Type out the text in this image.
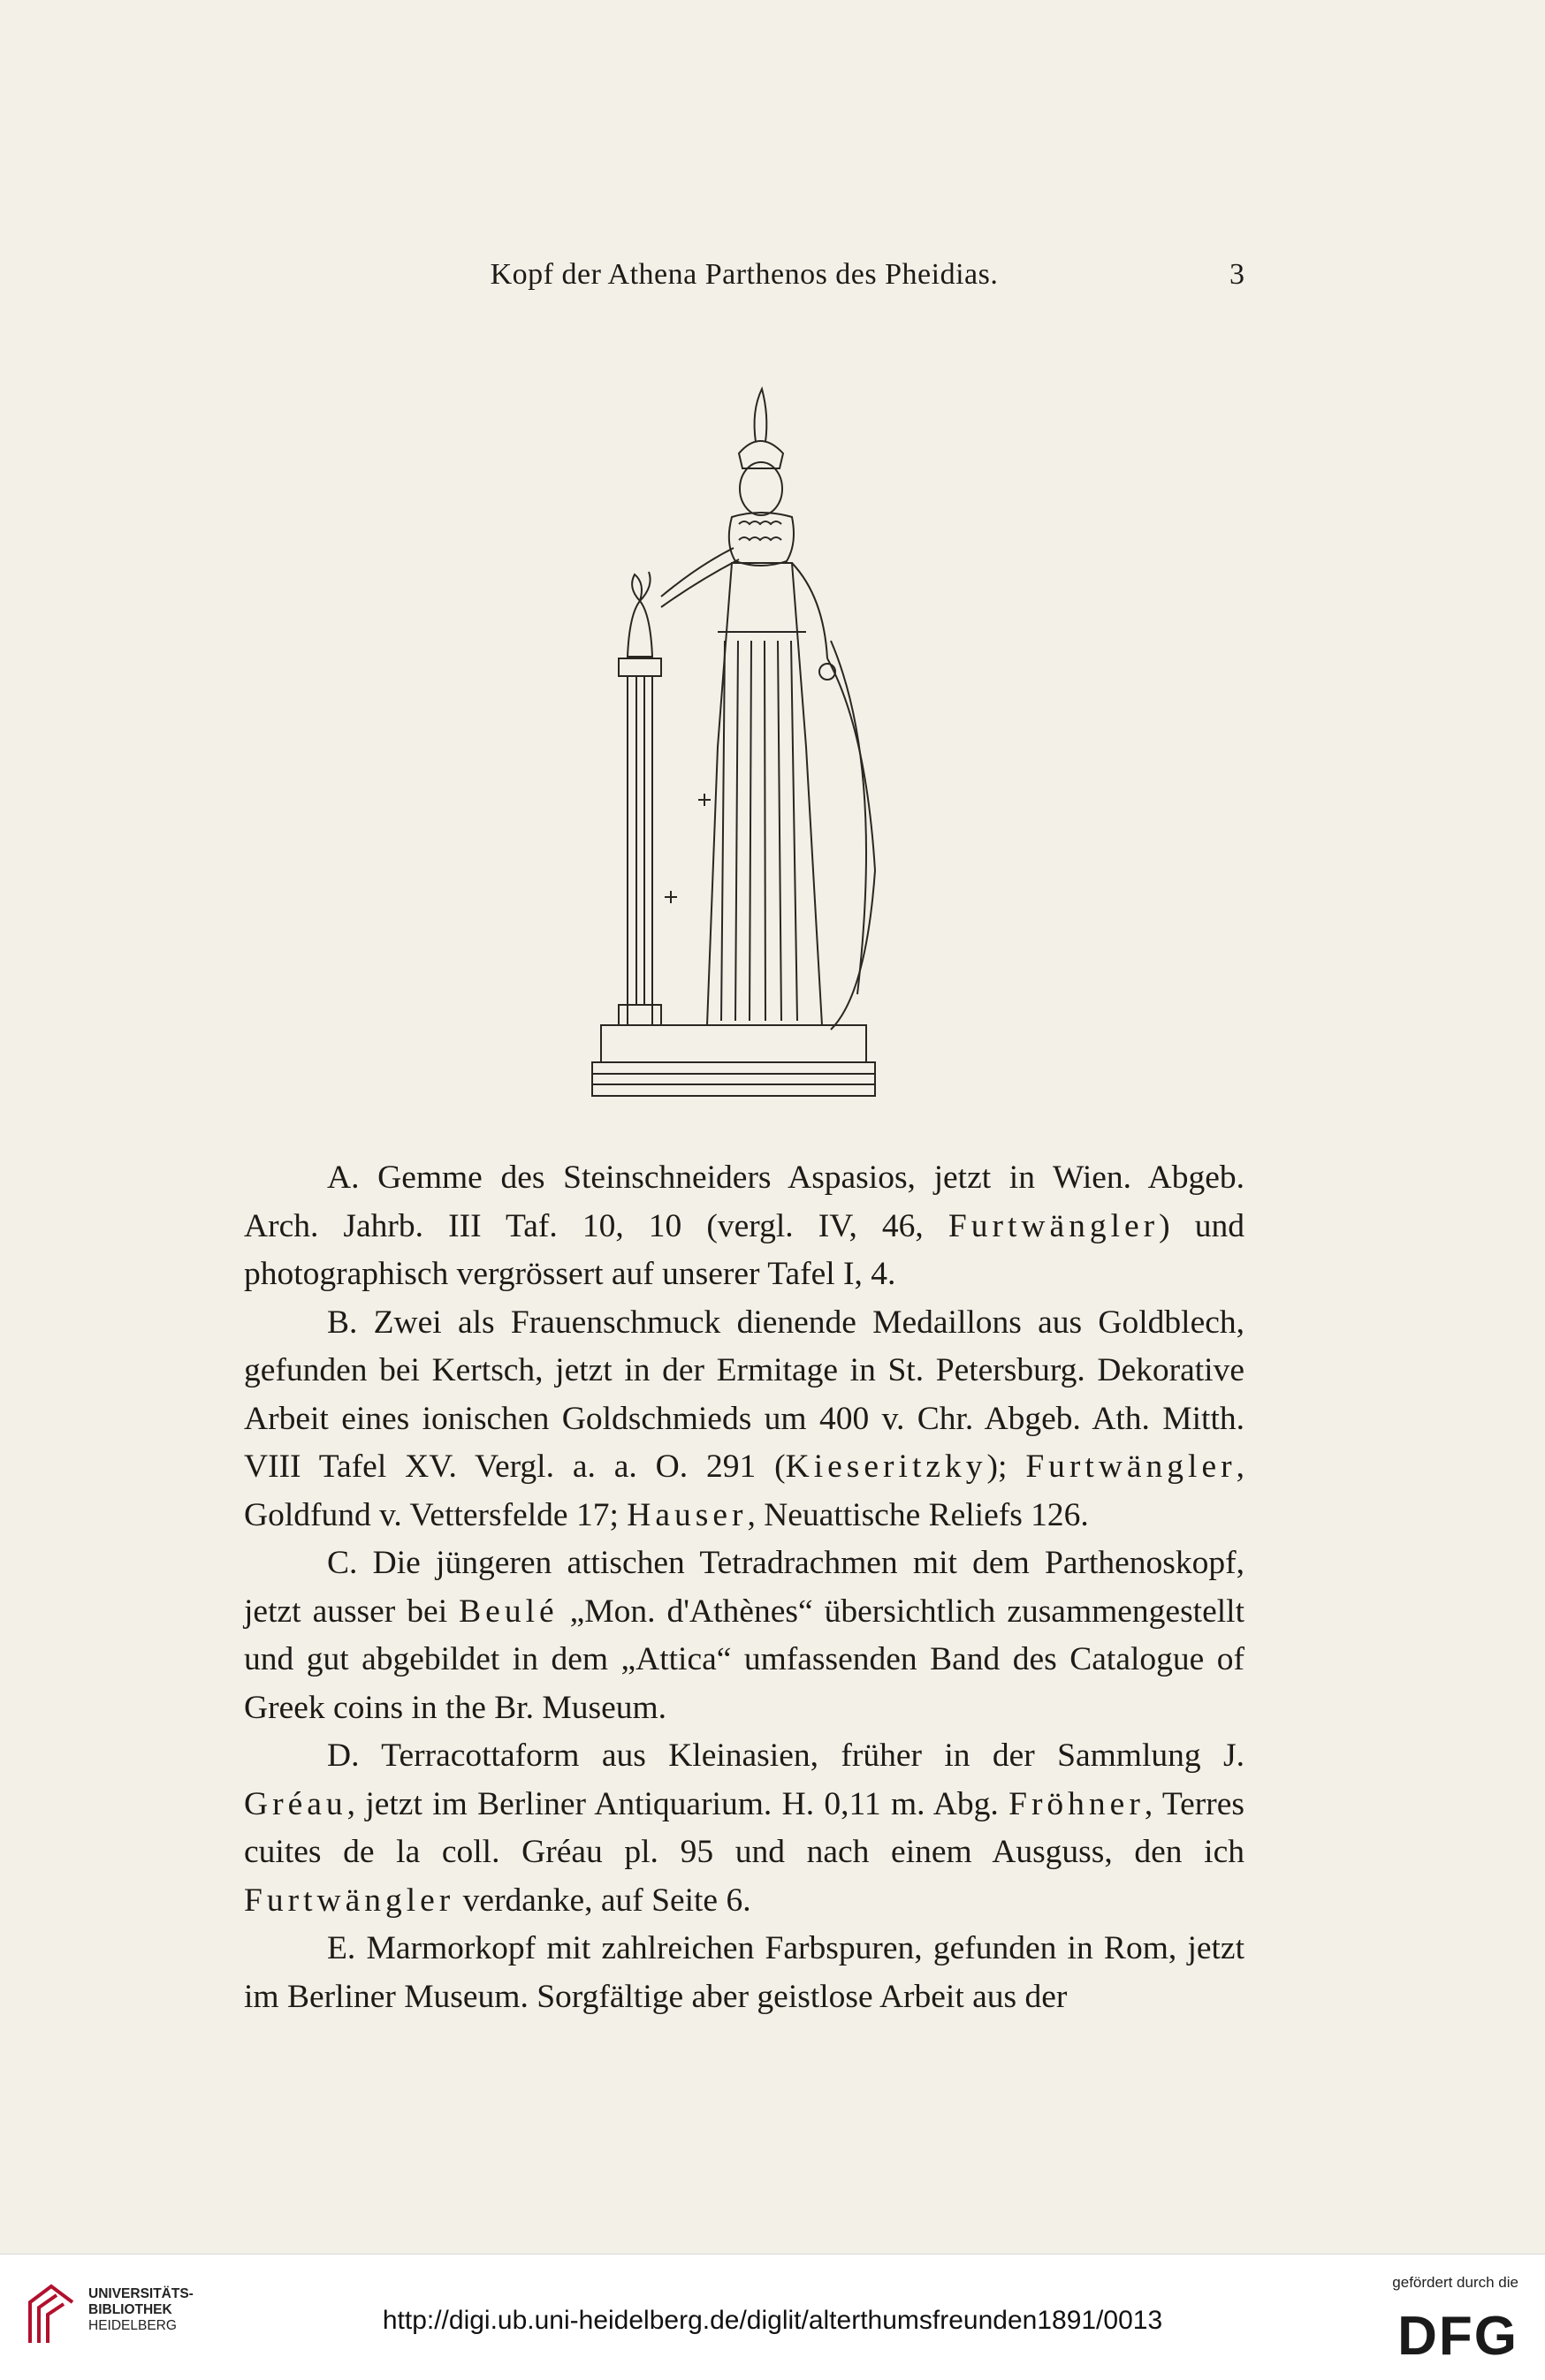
Kopf der Athena Parthenos des Pheidias.	3

A. Gemme des Steinschneiders Aspasios, jetzt in Wien. Abgeb. Arch. Jahrb. III Taf. 10, 10 (vergl. IV, 46, Furtwängler) und photographisch vergrössert auf unserer Tafel I, 4.

B. Zwei als Frauenschmuck dienende Medaillons aus Goldblech, gefunden bei Kertsch, jetzt in der Ermitage in St. Petersburg. Dekorative Arbeit eines ionischen Goldschmieds um 400 v. Chr. Abgeb. Ath. Mitth. VIII Tafel XV. Vergl. a. a. O. 291 (Kieseritzky); Furtwängler, Goldfund v. Vettersfelde 17; Hauser, Neuattische Reliefs 126.

C. Die jüngeren attischen Tetradrachmen mit dem Parthenoskopf, jetzt ausser bei Beulé „Mon. d'Athènes“ übersichtlich zusammengestellt und gut abgebildet in dem „Attica“ umfassenden Band des Catalogue of Greek coins in the Br. Museum.

D. Terracottaform aus Kleinasien, früher in der Sammlung J. Gréau, jetzt im Berliner Antiquarium. H. 0,11 m. Abg. Fröhner, Terres cuites de la coll. Gréau pl. 95 und nach einem Ausguss, den ich Furtwängler verdanke, auf Seite 6.

E. Marmorkopf mit zahlreichen Farbspuren, gefunden in Rom, jetzt im Berliner Museum. Sorgfältige aber geistlose Arbeit aus der

UNIVERSITÄTS-
BIBLIOTHEK
HEIDELBERG	http://digi.ub.uni-heidelberg.de/diglit/alterthumsfreunden1891/0013
gefördert durch die
DFG
